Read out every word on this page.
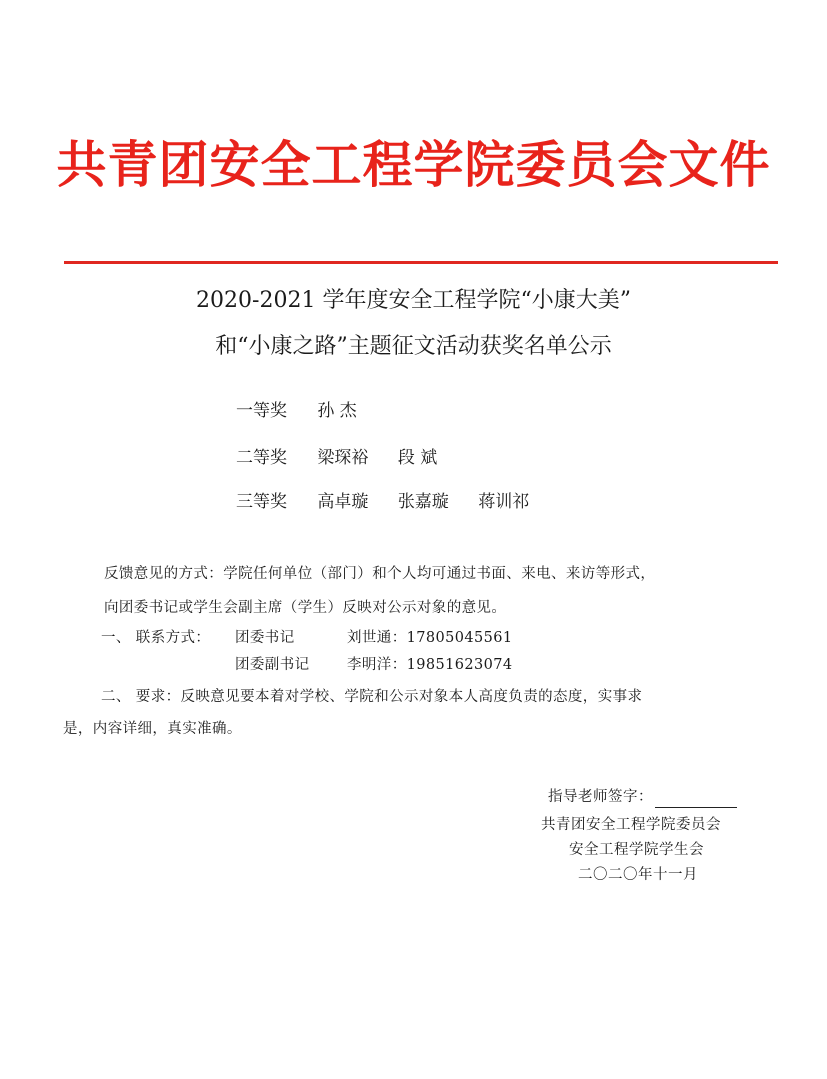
共青团安全工程学院委员会文件
2020-2021 学年度安全工程学院“小康大美”
和“小康之路”主题征文活动获奖名单公示
一等奖 孙 杰
二等奖 梁琛裕 段 斌
三等奖 高卓璇 张嘉璇 蒋训祁
反馈意见的方式：学院任何单位（部门）和个人均可通过书面、来电、来访等形式，
向团委书记或学生会副主席（学生）反映对公示对象的意见。
一、 联系方式： 团委书记	刘世通：17805045561
团委副书记	李明洋：19851623074
二、 要求：反映意见要本着对学校、学院和公示对象本人高度负责的态度，实事求
是，内容详细，真实准确。
指导老师签字：
共青团安全工程学院委员会
安全工程学院学生会
二〇二〇年十一月
